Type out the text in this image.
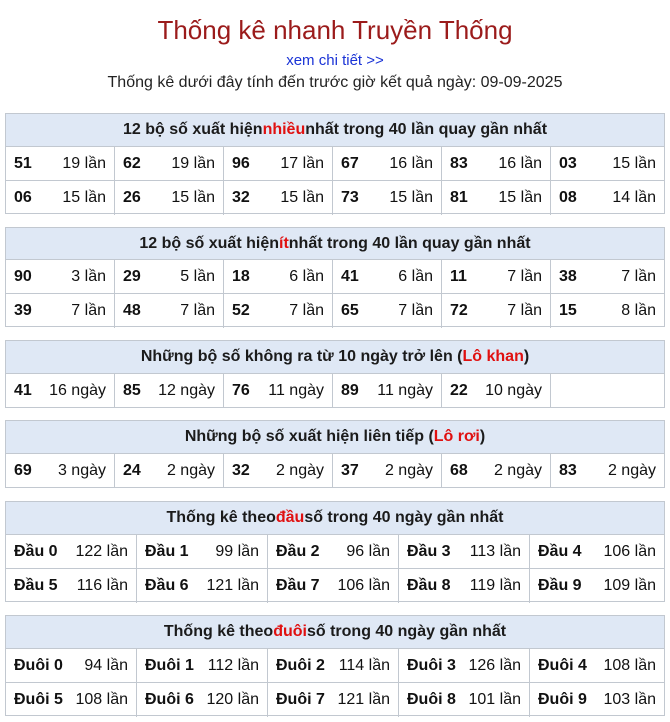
Thống kê nhanh Truyền Thống
xem chi tiết >>
Thống kê dưới đây tính đến trước giờ kết quả ngày: 09-09-2025
12 bộ số xuất hiện nhiều nhất trong 40 lần quay gần nhất
51 19 lần 62 19 lần 96 17 lần 67 16 lần 83 16 lần 03 15 lần
06 15 lần 26 15 lần 32 15 lần 73 15 lần 81 15 lần 08 14 lần
12 bộ số xuất hiện ít nhất trong 40 lần quay gần nhất
90 3 lần 29 5 lần 18 6 lần 41 6 lần 11	7 lần 38	7 lần
39 7 lần 48 7 lần 52 7 lần 65 7 lần 72 7 lần 15	8 lần
Những bộ số không ra từ 10 ngày trở lên ( Lô khan )
41 16 ngày 85 12 ngày 76 11 ngày 89 11 ngày 22 10 ngày
Những bộ số xuất hiện liên tiếp ( Lô rơi )
69 3 ngày 24 2 ngày 32 2 ngày 37 2 ngày 68 2 ngày 83 2 ngày
Thống kê theo đầu số trong 40 ngày gần nhất
Đầu 0 122 lần Đầu 1 99 lần Đầu 2 96 lần Đầu 3 113 lần Đầu 4 106 lần
Đầu 5 116 lần Đầu 6 121 lần Đầu 7 106 lần Đầu 8 119 lần Đầu 9 109 lần
Thống kê theo đuôi số trong 40 ngày gần nhất
Đuôi 0 94 lần Đuôi 1 112 lần Đuôi 2 114 lần Đuôi 3 126 lần Đuôi 4 108 lần
Đuôi 5 108 lần Đuôi 6 120 lần Đuôi 7 121 lần Đuôi 8 101 lần Đuôi 9 103 lần
